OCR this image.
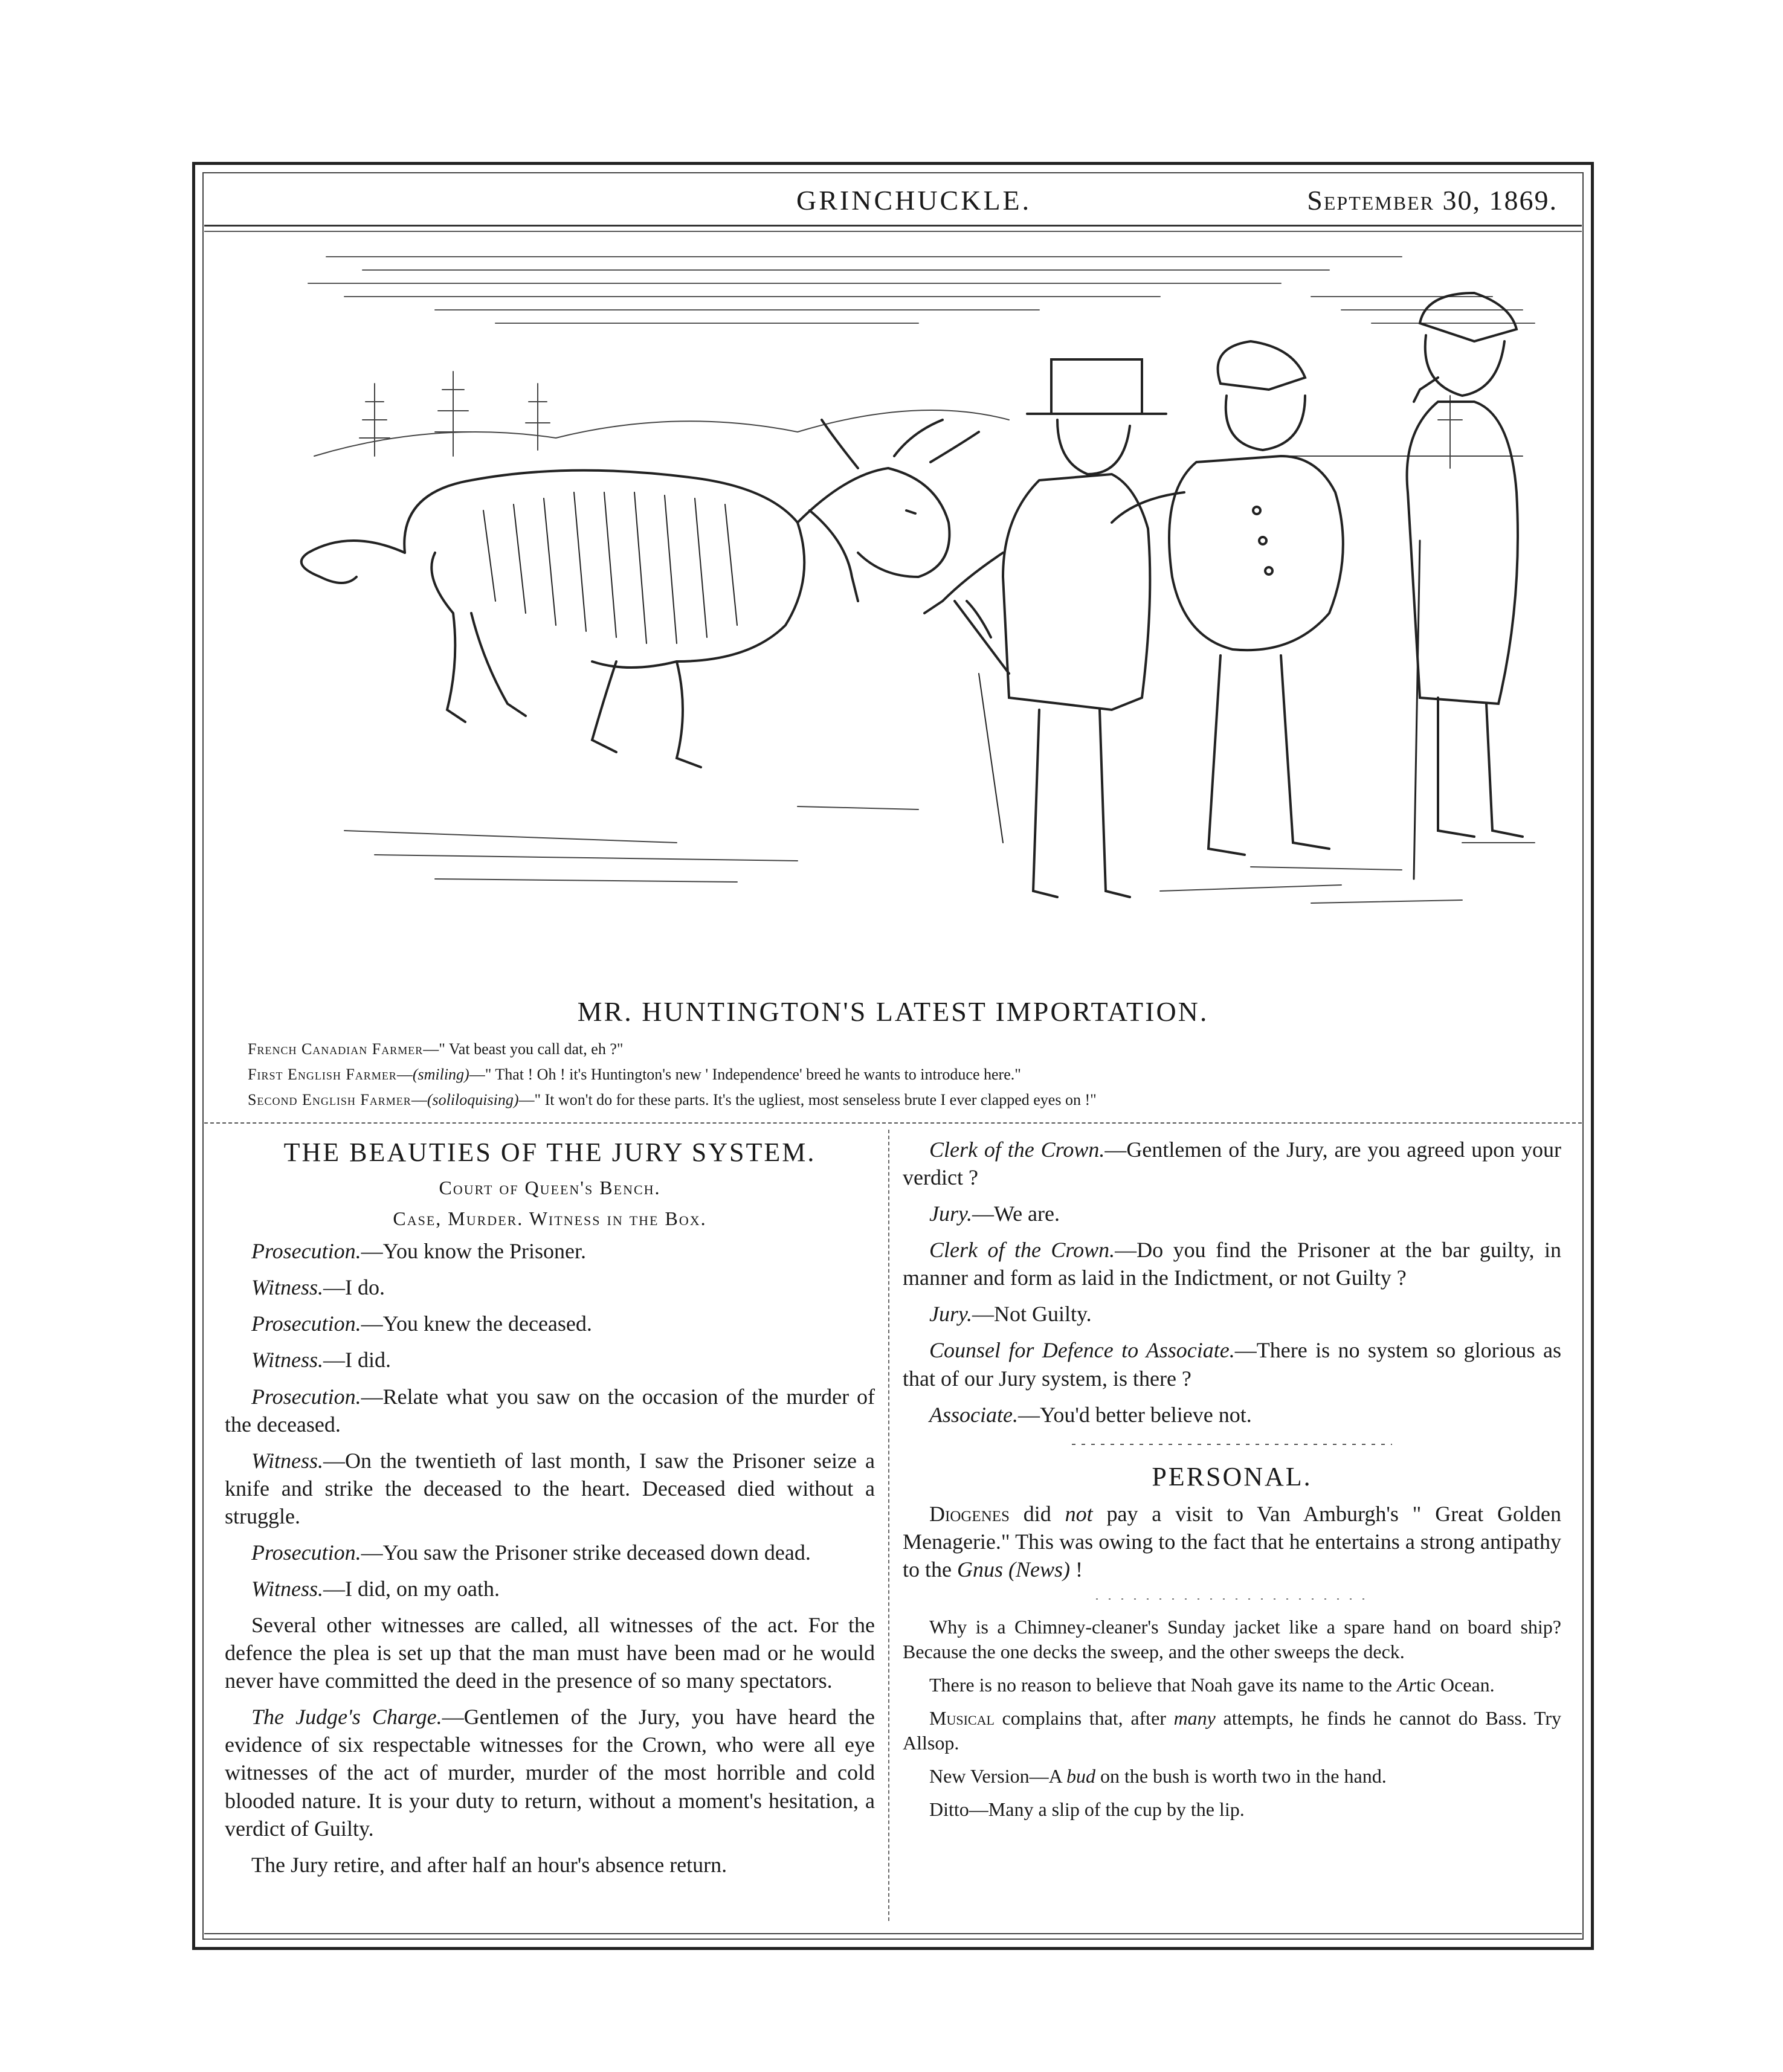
GRINCHUCKLE.	September 30, 1869.
MR. HUNTINGTON'S LATEST IMPORTATION.
French Canadian Farmer—" Vat beast you call dat, eh ?"
First English Farmer—(smiling)—" That ! Oh ! it's Huntington's new ' Independence' breed he wants to introduce here."
Second English Farmer—(soliloquising)—" It won't do for these parts. It's the ugliest, most senseless brute I ever clapped eyes on !"
THE BEAUTIES OF THE JURY SYSTEM.
Court of Queen's Bench.
Case, Murder. Witness in the Box.

Prosecution.—You know the Prisoner.

Witness.—I do.

Prosecution.—You knew the deceased.

Witness.—I did.

Prosecution.—Relate what you saw on the occasion of the murder of the deceased.

Witness.—On the twentieth of last month, I saw the Prisoner seize a knife and strike the deceased to the heart. Deceased died without a struggle.

Prosecution.—You saw the Prisoner strike deceased down dead.

Witness.—I did, on my oath.

Several other witnesses are called, all witnesses of the act. For the defence the plea is set up that the man must have been mad or he would never have committed the deed in the presence of so many spectators.

The Judge's Charge.—Gentlemen of the Jury, you have heard the evidence of six respectable witnesses for the Crown, who were all eye witnesses of the act of murder, murder of the most horrible and cold blooded nature. It is your duty to return, without a moment's hesitation, a verdict of Guilty.

The Jury retire, and after half an hour's absence return.

Clerk of the Crown.—Gentlemen of the Jury, are you agreed upon your verdict ?

Jury.—We are.

Clerk of the Crown.—Do you find the Prisoner at the bar guilty, in manner and form as laid in the Indictment, or not Guilty ?

Jury.—Not Guilty.

Counsel for Defence to Associate.—There is no system so glorious as that of our Jury system, is there ?

Associate.—You'd better believe not.

PERSONAL.

Diogenes did not pay a visit to Van Amburgh's " Great Golden Menagerie." This was owing to the fact that he entertains a strong antipathy to the Gnus (News) !

Why is a Chimney-cleaner's Sunday jacket like a spare hand on board ship? Because the one decks the sweep, and the other sweeps the deck.

There is no reason to believe that Noah gave its name to the Artic Ocean.

Musical complains that, after many attempts, he finds he cannot do Bass. Try Allsop.

New Version—A bud on the bush is worth two in the hand.

Ditto—Many a slip of the cup by the lip.
